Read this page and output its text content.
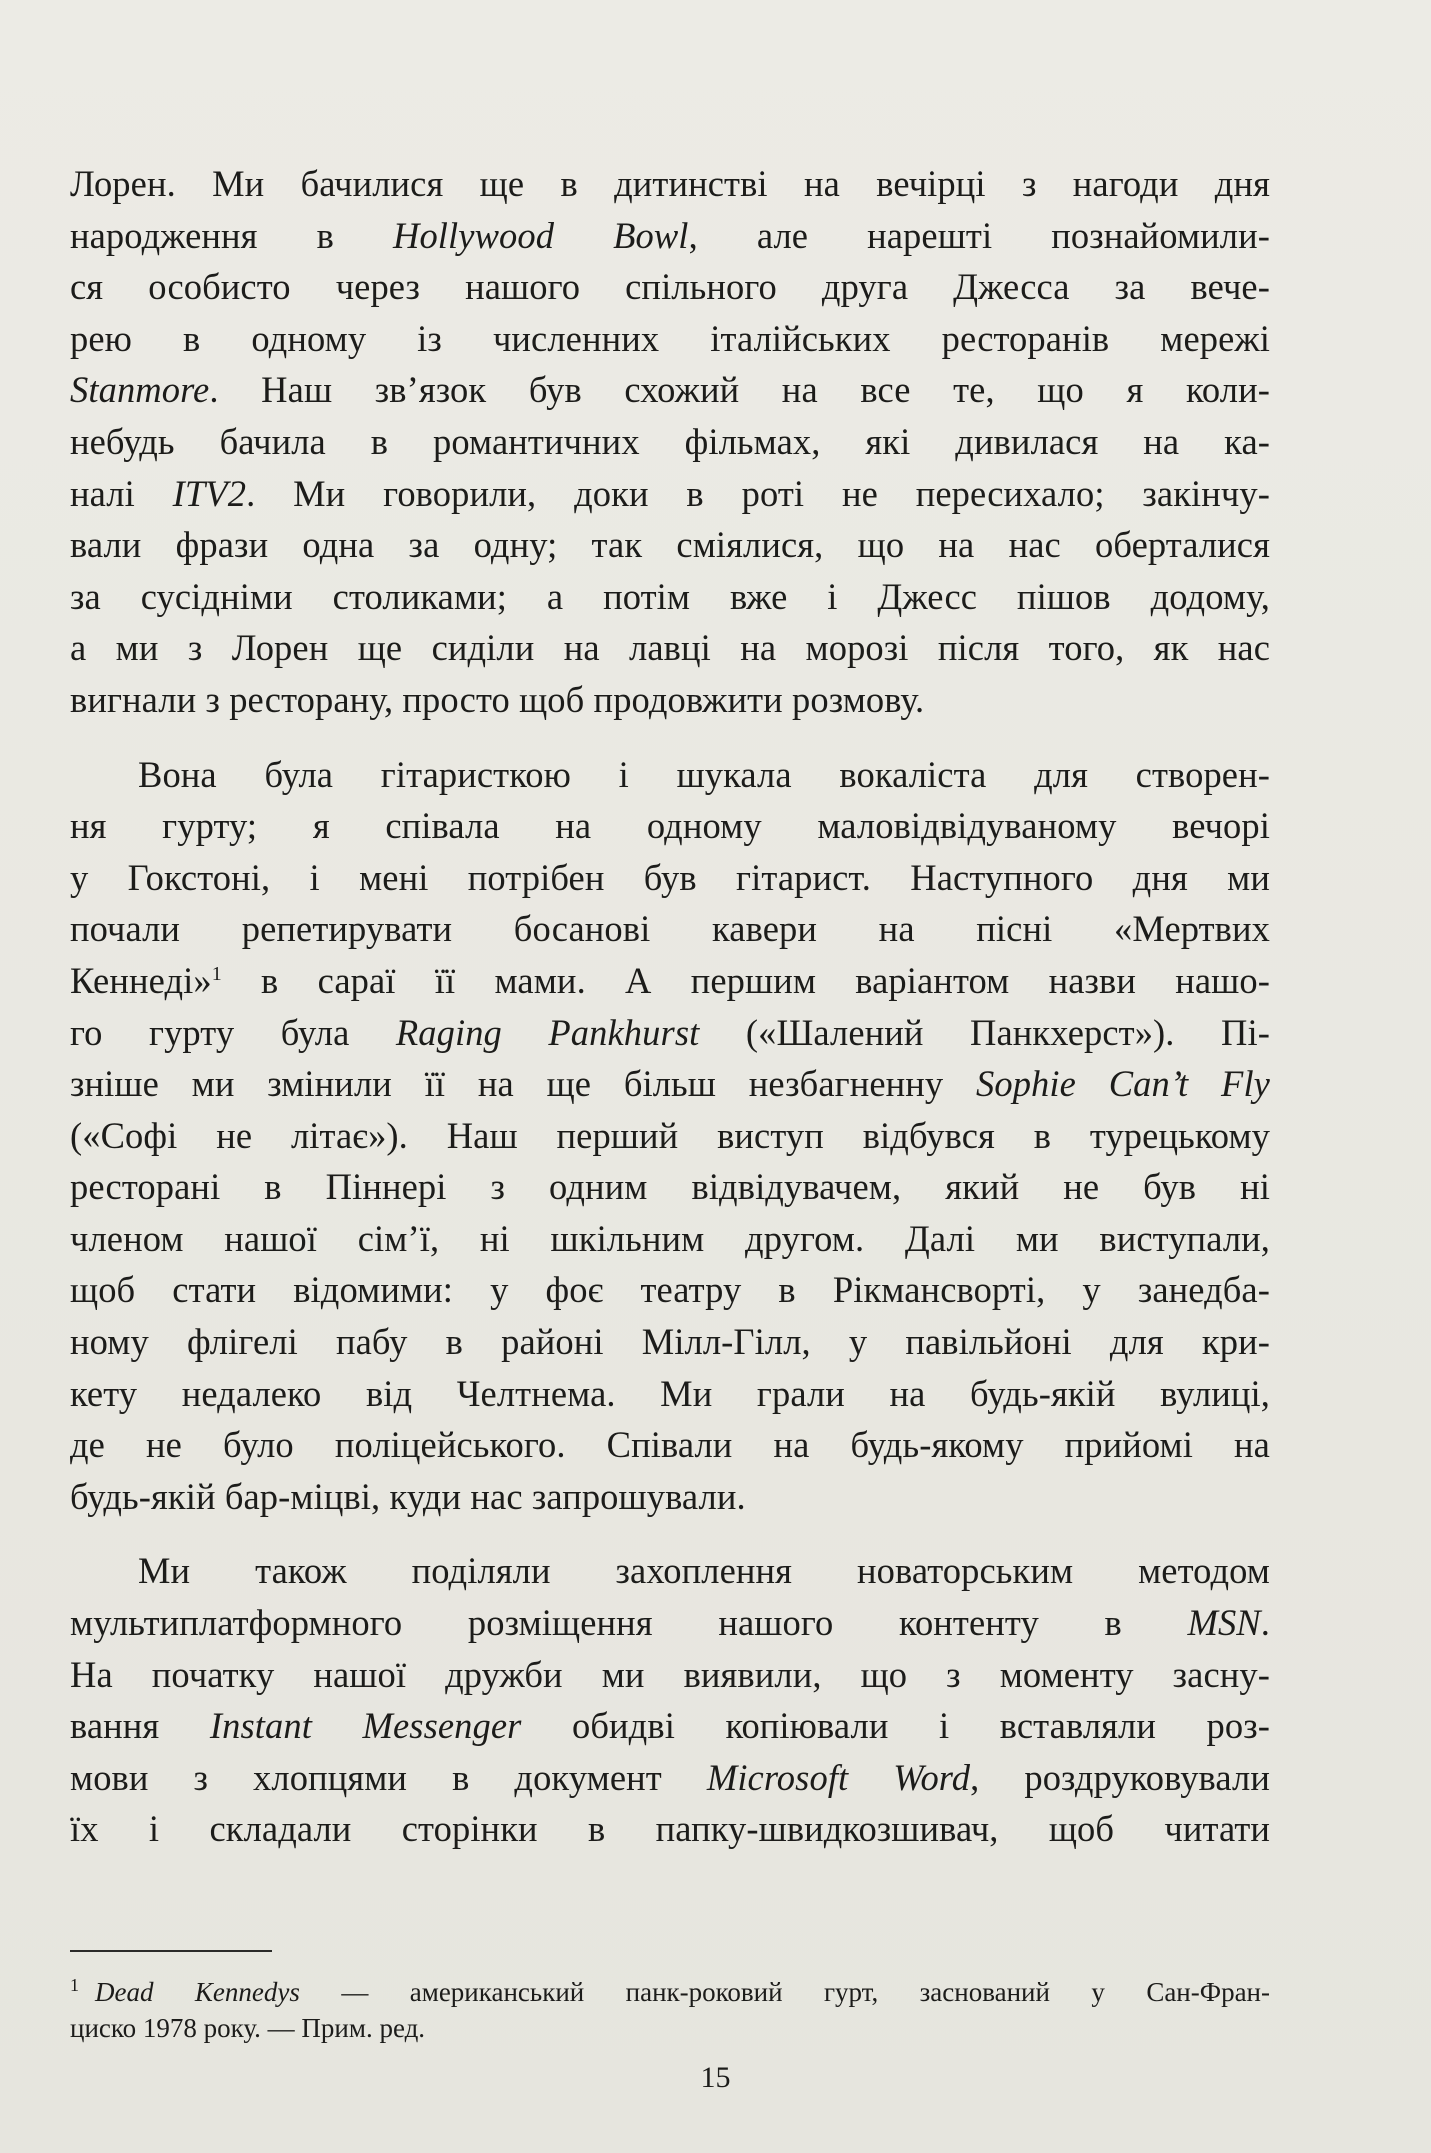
Лорен. Ми бачилися ще в дитинстві на вечірці з нагоди дня
народження в Hollywood Bowl, але нарешті познайомили-
ся особисто через нашого спільного друга Джесса за вече-
рею в одному із численних італійських ресторанів мережі
Stanmore. Наш зв’язок був схожий на все те, що я коли-
небудь бачила в романтичних фільмах, які дивилася на ка-
налі ITV2. Ми говорили, доки в роті не пересихало; закінчу-
вали фрази одна за одну; так сміялися, що на нас оберталися
за сусідніми столиками; а потім вже і Джесс пішов додому,
а ми з Лорен ще сиділи на лавці на морозі після того, як нас
вигнали з ресторану, просто щоб продовжити розмову.
Вона була гітаристкою і шукала вокаліста для створен-
ня гурту; я співала на одному маловідвідуваному вечорі
у Гокстоні, і мені потрібен був гітарист. Наступного дня ми
почали репетирувати босанові кавери на пісні «Мертвих
Кеннеді»$^1$ в сараї її мами. А першим варіантом назви нашо-
го гурту була Raging Pankhurst («Шалений Панкхерст»). Пі-
зніше ми змінили її на ще більш незбагненну Sophie Can’t Fly
(«Софі не літає»). Наш перший виступ відбувся в турецькому
ресторані в Піннері з одним відвідувачем, який не був ні
членом нашої сім’ї, ні шкільним другом. Далі ми виступали,
щоб стати відомими: у фоє театру в Рікмансворті, у занедба-
ному флігелі пабу в районі Мілл-Гілл, у павільйоні для кри-
кету недалеко від Челтнема. Ми грали на будь-якій вулиці,
де не було поліцейського. Співали на будь-якому прийомі на
будь-якій бар-міцві, куди нас запрошували.
Ми також поділяли захоплення новаторським методом
мультиплатформного розміщення нашого контенту в MSN.
На початку нашої дружби ми виявили, що з моменту засну-
вання Instant Messenger обидві копіювали і вставляли роз-
мови з хлопцями в документ Microsoft Word, роздруковували
їх і складали сторінки в папку-швидкозшивач, щоб читати
$^1$ Dead Kennedys — американський панк-роковий гурт, заснований у Сан-Фран-
циско 1978 року. — Прим. ред.
15
